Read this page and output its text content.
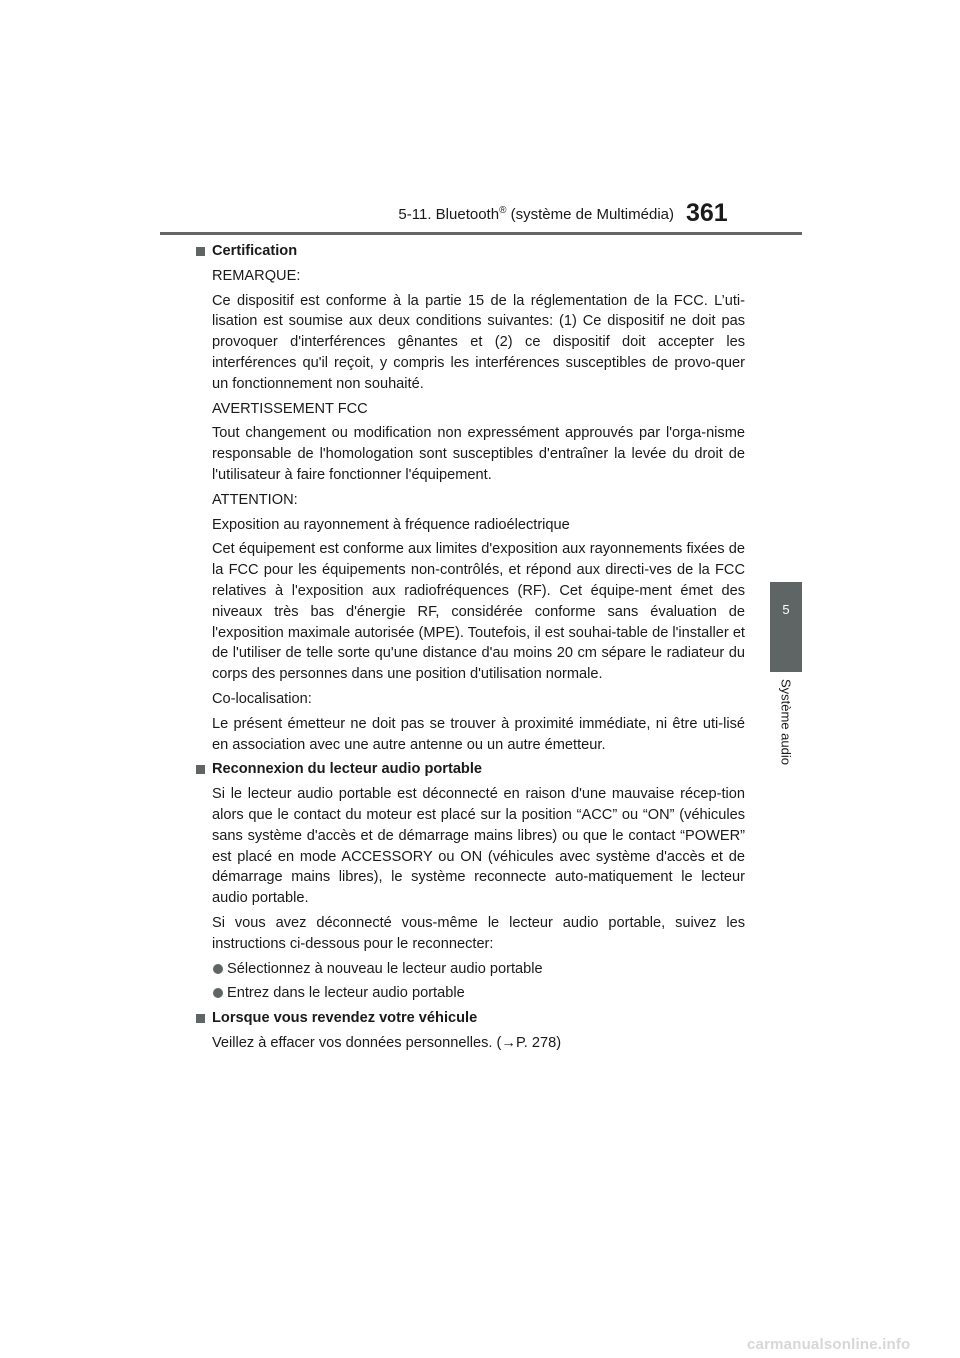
5-11. Bluetooth® (système de Multimédia) 361
5
Système audio
Certification

REMARQUE:

Ce dispositif est conforme à la partie 15 de la réglementation de la FCC. L’uti-lisation est soumise aux deux conditions suivantes: (1) Ce dispositif ne doit pas provoquer d'interférences gênantes et (2) ce dispositif doit accepter les interférences qu'il reçoit, y compris les interférences susceptibles de provo-quer un fonctionnement non souhaité.

AVERTISSEMENT FCC

Tout changement ou modification non expressément approuvés par l'orga-nisme responsable de l'homologation sont susceptibles d'entraîner la levée du droit de l'utilisateur à faire fonctionner l'équipement.

ATTENTION:

Exposition au rayonnement à fréquence radioélectrique

Cet équipement est conforme aux limites d'exposition aux rayonnements fixées de la FCC pour les équipements non-contrôlés, et répond aux directi-ves de la FCC relatives à l'exposition aux radiofréquences (RF). Cet équipe-ment émet des niveaux très bas d'énergie RF, considérée conforme sans évaluation de l'exposition maximale autorisée (MPE). Toutefois, il est souhai-table de l'installer et de l'utiliser de telle sorte qu'une distance d'au moins 20 cm sépare le radiateur du corps des personnes dans une position d'utilisation normale.

Co-localisation:

Le présent émetteur ne doit pas se trouver à proximité immédiate, ni être uti-lisé en association avec une autre antenne ou un autre émetteur.

Reconnexion du lecteur audio portable

Si le lecteur audio portable est déconnecté en raison d'une mauvaise récep-tion alors que le contact du moteur est placé sur la position “ACC” ou “ON” (véhicules sans système d'accès et de démarrage mains libres) ou que le contact “POWER” est placé en mode ACCESSORY ou ON (véhicules avec système d'accès et de démarrage mains libres), le système reconnecte auto-matiquement le lecteur audio portable.

Si vous avez déconnecté vous-même le lecteur audio portable, suivez les instructions ci-dessous pour le reconnecter:

Sélectionnez à nouveau le lecteur audio portable
Entrez dans le lecteur audio portable
Lorsque vous revendez votre véhicule

Veillez à effacer vos données personnelles. (→P. 278)

carmanualsonline.info
